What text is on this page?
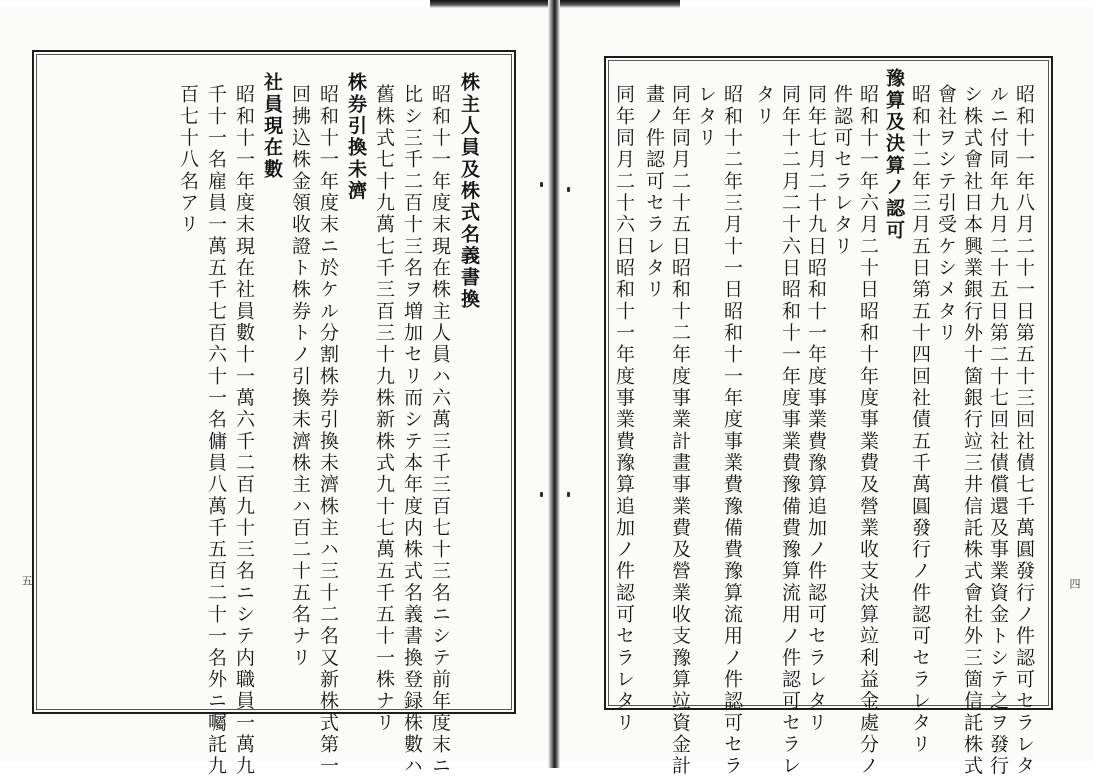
株主人員及株式名義書換
昭和十一年度末現在株主人員ハ六萬三千三百七十三名ニシテ前年度末ニ
比シ三千二百十三名ヲ増加セリ而シテ本年度内株式名義書換登録株數ハ
舊株式七十九萬七千三百三十九株新株式九十七萬五千五十一株ナリ
株券引換未濟
昭和十一年度末ニ於ケル分割株券引換未濟株主ハ三十二名又新株式第一
回拂込株金領收證ト株券トノ引換未濟株主ハ百二十五名ナリ
社員現在數
昭和十一年度末現在社員數十一萬六千二百九十三名ニシテ内職員一萬九
千十一名雇員一萬五千七百六十一名傭員八萬千五百二十一名外ニ囑託九
百七十八名アリ
五	昭和十一年八月二十一日第五十三回社債七千萬圓發行ノ件認可セラレタ
ルニ付同年九月二十五日第二十七回社債償還及事業資金トシテ之ヲ發行
シ株式會社日本興業銀行外十箇銀行竝三井信託株式會社外三箇信託株式
會社ヲシテ引受ケシメタリ
昭和十二年三月五日第五十四回社債五千萬圓發行ノ件認可セラレタリ
豫算及決算ノ認可
昭和十一年六月二十日昭和十年度事業費及營業收支決算竝利益金處分ノ
件認可セラレタリ
同年七月二十九日昭和十一年度事業費豫算追加ノ件認可セラレタリ
同年十二月二十六日昭和十一年度事業費豫備費豫算流用ノ件認可セラレ
タリ
昭和十二年三月十一日昭和十一年度事業費豫備費豫算流用ノ件認可セラ
レタリ
同年同月二十五日昭和十二年度事業計畫事業費及營業收支豫算竝資金計
畫ノ件認可セラレタリ
同年同月二十六日昭和十一年度事業費豫算追加ノ件認可セラレタリ	四
